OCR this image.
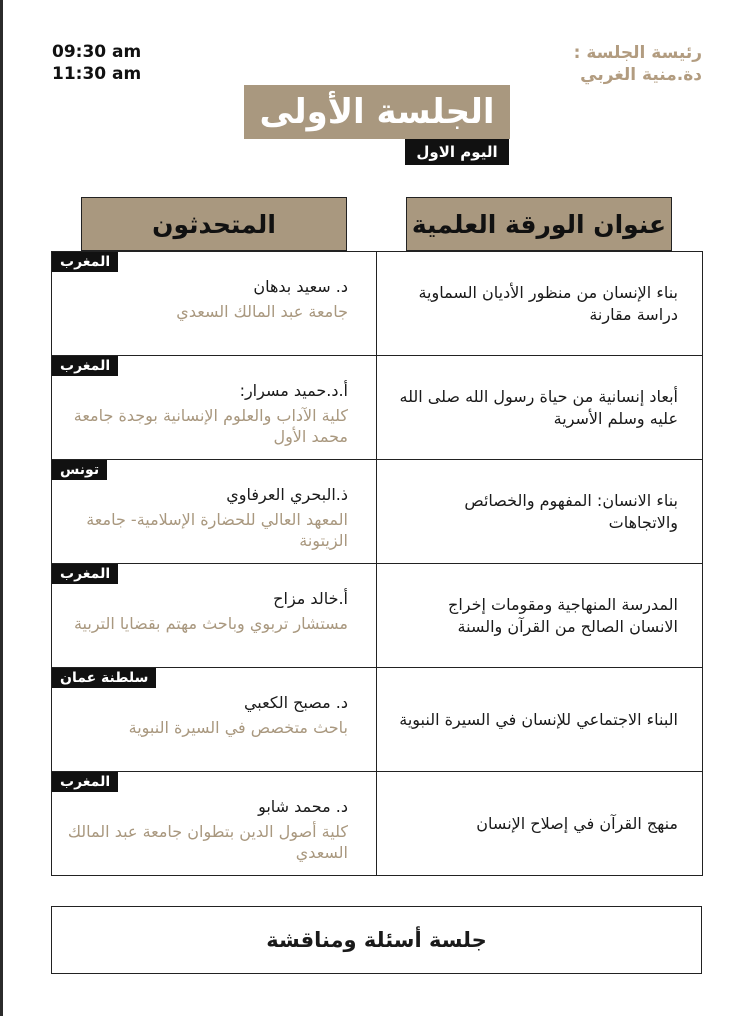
09:30 am
11:30 am
رئيسة الجلسة :
دة.منية الغربي
الجلسة الأولى
اليوم الاول
المتحدثون	عنوان الورقة العلمية
المغرب
د. سعيد بدهان
جامعة عبد المالك السعدي	بناء الإنسان من منظور الأديان السماوية دراسة مقارنة

المغرب
أ.د.حميد مسرار:
كلية الآداب والعلوم الإنسانية بوجدة جامعة محمد الأول	أبعاد إنسانية من حياة رسول الله صلى الله عليه وسلم الأسرية

تونس
ذ.البحري العرفاوي
المعهد العالي للحضارة الإسلامية- جامعة الزيتونة	بناء الانسان: المفهوم والخصائص والاتجاهات

المغرب
أ.خالد مزاح
مستشار تربوي وباحث مهتم بقضايا التربية	المدرسة المنهاجية ومقومات إخراج الانسان الصالح من القرآن والسنة

سلطنة عمان
د. مصبح الكعبي
باحث متخصص في السيرة النبوية	البناء الاجتماعي للإنسان في السيرة النبوية

المغرب
د. محمد شابو
كلية أصول الدين بتطوان جامعة عبد المالك السعدي	منهج القرآن في إصلاح الإنسان
جلسة أسئلة ومناقشة
